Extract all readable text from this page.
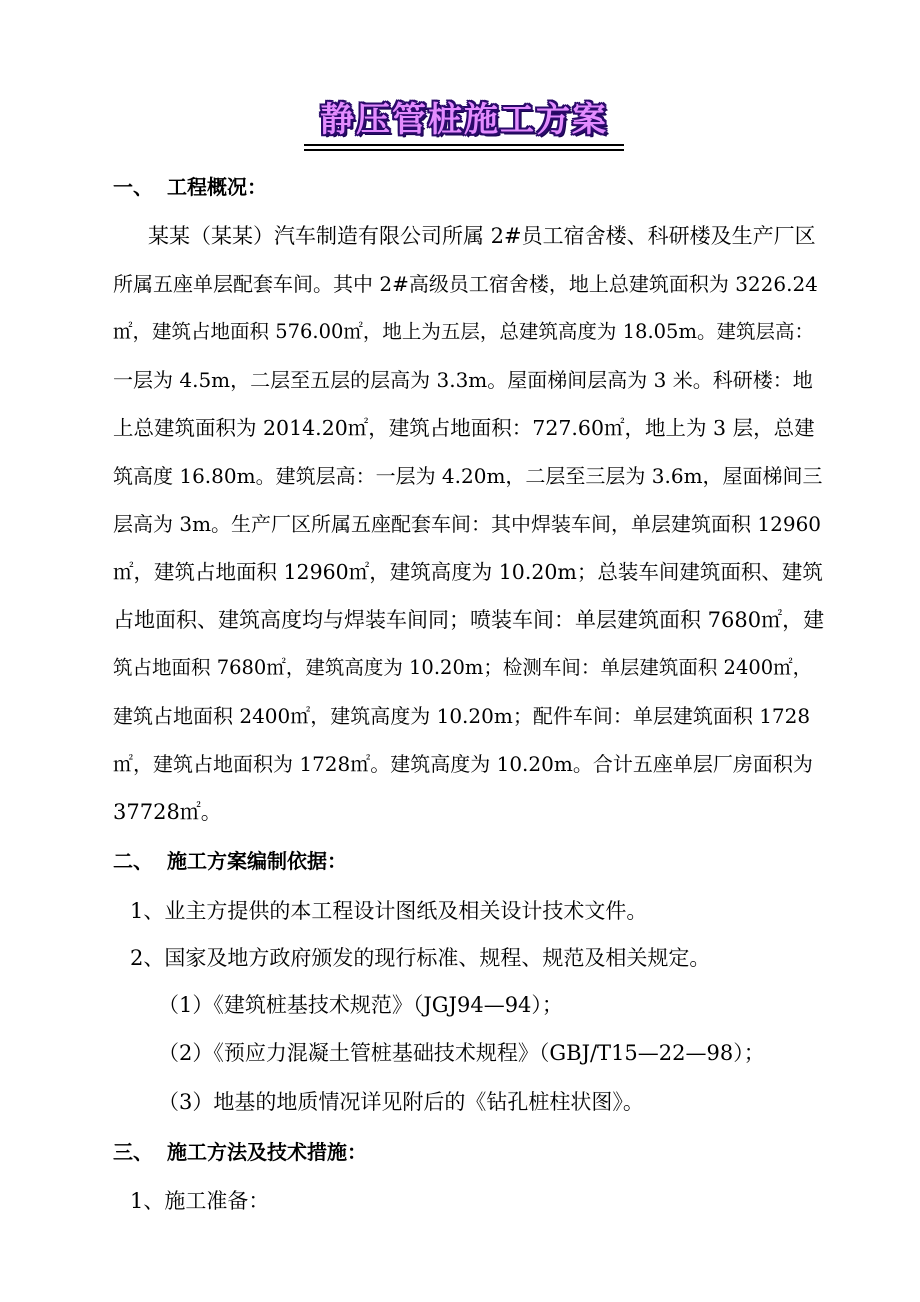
静压管桩施工方案
一、 工程概况：
某某（某某）汽车制造有限公司所属 2#员工宿舍楼、科研楼及生产厂区
所属五座单层配套车间。其中 2#高级员工宿舍楼，地上总建筑面积为 3226.24
㎡，建筑占地面积 576.00㎡，地上为五层，总建筑高度为 18.05m。建筑层高：
一层为 4.5m，二层至五层的层高为 3.3m。屋面梯间层高为 3 米。科研楼：地
上总建筑面积为 2014.20㎡，建筑占地面积：727.60㎡，地上为 3 层，总建
筑高度 16.80m。建筑层高：一层为 4.20m，二层至三层为 3.6m，屋面梯间三
层高为 3m。生产厂区所属五座配套车间：其中焊装车间，单层建筑面积 12960
㎡，建筑占地面积 12960㎡，建筑高度为 10.20m；总装车间建筑面积、建筑
占地面积、建筑高度均与焊装车间同；喷装车间：单层建筑面积 7680㎡，建
筑占地面积 7680㎡，建筑高度为 10.20m；检测车间：单层建筑面积 2400㎡，
建筑占地面积 2400㎡，建筑高度为 10.20m；配件车间：单层建筑面积 1728
㎡，建筑占地面积为 1728㎡。建筑高度为 10.20m。合计五座单层厂房面积为
37728㎡。
二、 施工方案编制依据：
1、业主方提供的本工程设计图纸及相关设计技术文件。
2、国家及地方政府颁发的现行标准、规程、规范及相关规定。
（1）《建筑桩基技术规范》（JGJ94—94）；
（2）《预应力混凝土管桩基础技术规程》（GBJ/T15—22—98）；
（3）地基的地质情况详见附后的《钻孔桩柱状图》。
三、 施工方法及技术措施：
1、施工准备：
